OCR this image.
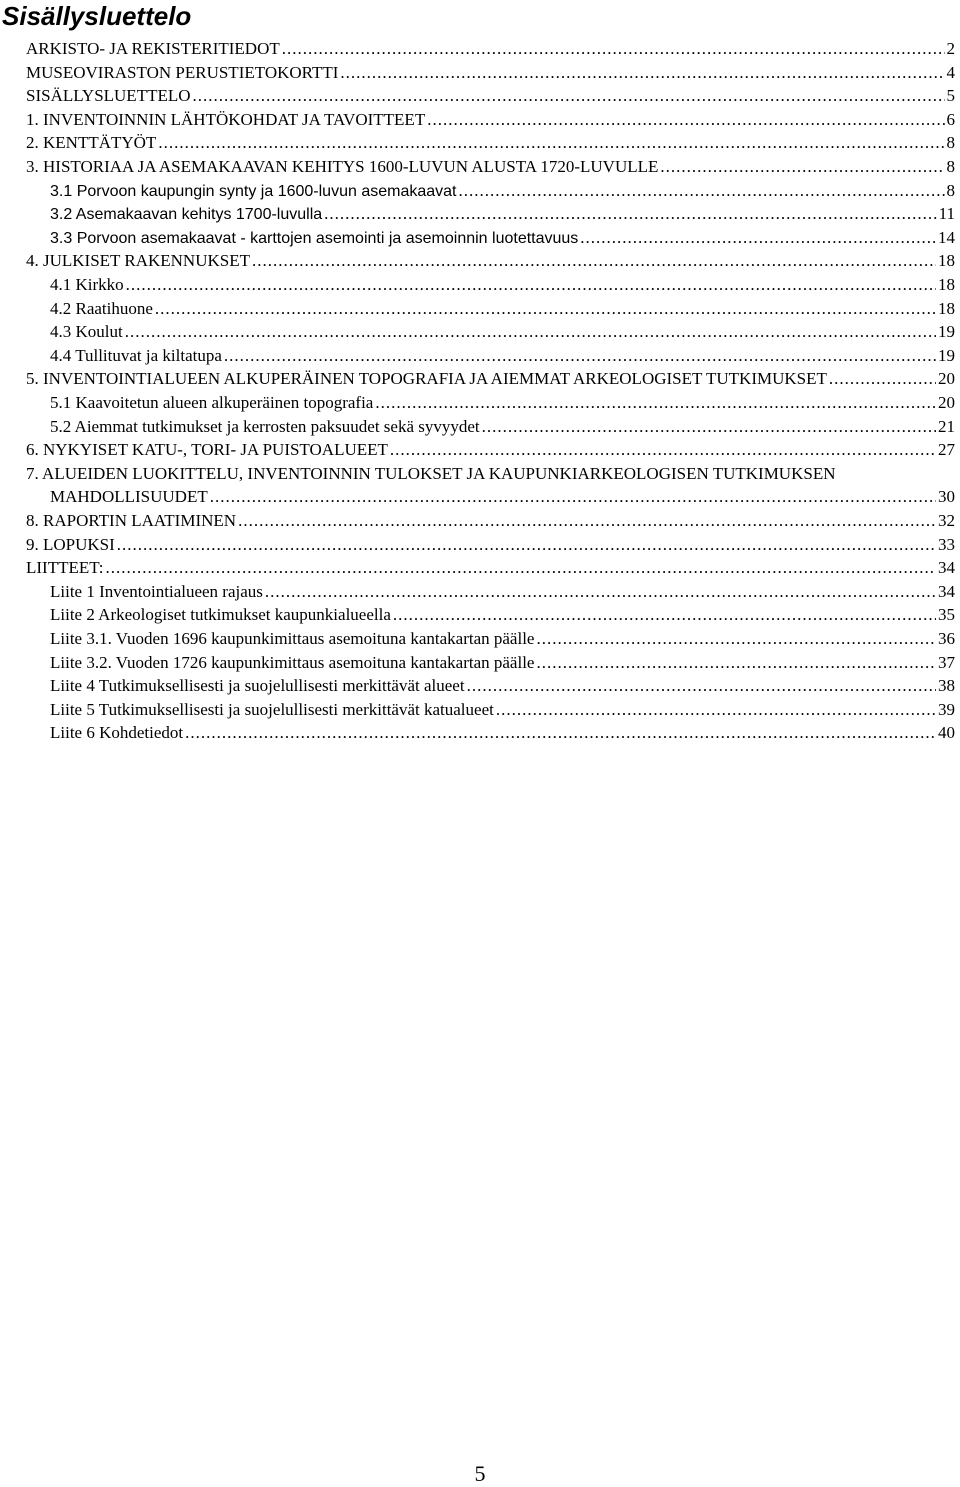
Sisällysluettelo
ARKISTO- JA REKISTERITIEDOT .....	2
MUSEOVIRASTON PERUSTIETOKORTTI .....	4
SISÄLLYSLUETTELO .....	5
1. INVENTOINNIN LÄHTÖKOHDAT JA TAVOITTEET .....	6
2. KENTTÄTYÖT .....	8
3. HISTORIAA JA ASEMAKAAVAN KEHITYS 1600-LUVUN ALUSTA 1720-LUVULLE .....	8
3.1 Porvoon kaupungin synty ja 1600-luvun asemakaavat .....	8
3.2 Asemakaavan kehitys 1700-luvulla .....	11
3.3 Porvoon asemakaavat - karttojen asemointi ja asemoinnin luotettavuus .....	14
4. JULKISET RAKENNUKSET .....	18
4.1 Kirkko .....	18
4.2 Raatihuone .....	18
4.3 Koulut .....	19
4.4 Tullituvat ja kiltatupa .....	19
5. INVENTOINTIALUEEN ALKUPERÄINEN TOPOGRAFIA JA AIEMMAT ARKEOLOGISET TUTKIMUKSET .....	20
5.1 Kaavoitetun alueen alkuperäinen topografia .....	20
5.2 Aiemmat tutkimukset ja kerrosten paksuudet sekä syvyydet .....	21
6. NYKYISET KATU-, TORI- JA PUISTOALUEET .....	27
7. ALUEIDEN LUOKITTELU, INVENTOINNIN TULOKSET JA KAUPUNKIARKEOLOGISEN TUTKIMUKSEN
MAHDOLLISUUDET .....	30
8. RAPORTIN LAATIMINEN .....	32
9. LOPUKSI .....	33
LIITTEET: .....	34
Liite 1 Inventointialueen rajaus .....	34
Liite 2 Arkeologiset tutkimukset kaupunkialueella .....	35
Liite 3.1. Vuoden 1696 kaupunkimittaus asemoituna kantakartan päälle .....	36
Liite 3.2. Vuoden 1726 kaupunkimittaus asemoituna kantakartan päälle .....	37
Liite 4 Tutkimuksellisesti ja suojelullisesti merkittävät alueet .....	38
Liite 5 Tutkimuksellisesti ja suojelullisesti merkittävät katualueet .....	39
Liite 6 Kohdetiedot .....	40
5
